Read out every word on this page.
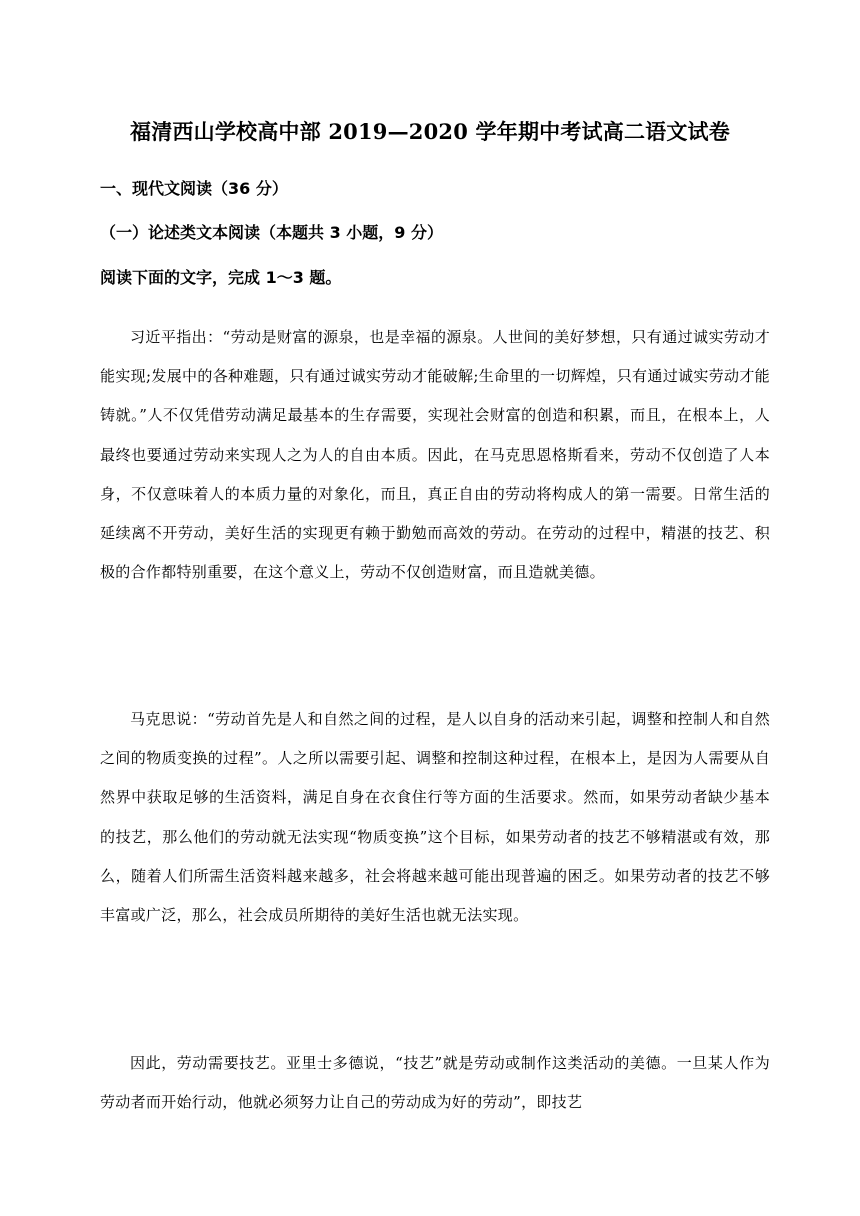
福清西山学校高中部 2019—2020 学年期中考试高二语文试卷
一、现代文阅读（36 分）
（一）论述类文本阅读（本题共 3 小题，9 分）
阅读下面的文字，完成 1～3 题。

习近平指出：“劳动是财富的源泉，也是幸福的源泉。人世间的美好梦想，只有通过诚实劳动才能实现;发展中的各种难题，只有通过诚实劳动才能破解;生命里的一切辉煌，只有通过诚实劳动才能铸就。”人不仅凭借劳动满足最基本的生存需要，实现社会财富的创造和积累，而且，在根本上，人最终也要通过劳动来实现人之为人的自由本质。因此，在马克思恩格斯看来，劳动不仅创造了人本身，不仅意味着人的本质力量的对象化，而且，真正自由的劳动将构成人的第一需要。日常生活的延续离不开劳动，美好生活的实现更有赖于勤勉而高效的劳动。在劳动的过程中，精湛的技艺、积极的合作都特别重要，在这个意义上，劳动不仅创造财富，而且造就美德。

马克思说：“劳动首先是人和自然之间的过程，是人以自身的活动来引起，调整和控制人和自然之间的物质变换的过程”。人之所以需要引起、调整和控制这种过程，在根本上，是因为人需要从自然界中获取足够的生活资料，满足自身在衣食住行等方面的生活要求。然而，如果劳动者缺少基本的技艺，那么他们的劳动就无法实现“物质变换”这个目标，如果劳动者的技艺不够精湛或有效，那么，随着人们所需生活资料越来越多，社会将越来越可能出现普遍的困乏。如果劳动者的技艺不够丰富或广泛，那么，社会成员所期待的美好生活也就无法实现。

因此，劳动需要技艺。亚里士多德说，“技艺”就是劳动或制作这类活动的美德。一旦某人作为劳动者而开始行动，他就必须努力让自己的劳动成为好的劳动”，即技艺
